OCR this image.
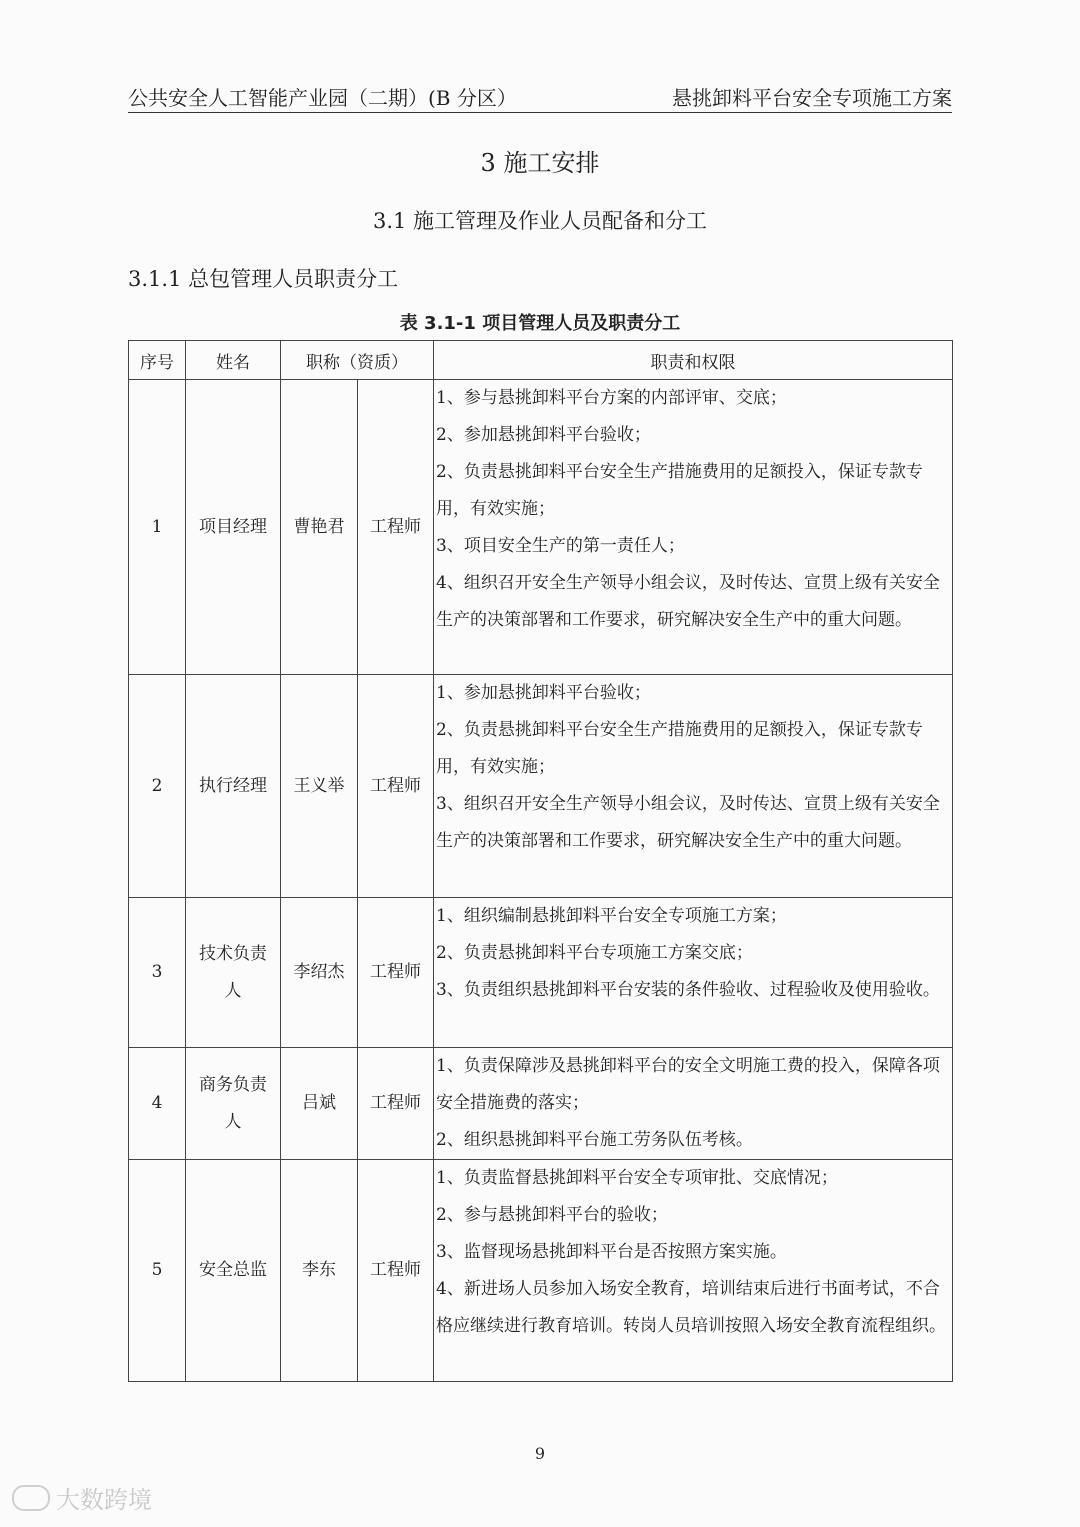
公共安全人工智能产业园（二期）(B 分区）	悬挑卸料平台安全专项施工方案
3 施工安排
3.1 施工管理及作业人员配备和分工
3.1.1 总包管理人员职责分工
表 3.1-1 项目管理人员及职责分工
序号	姓名	职称（资质）		职责和权限
1	项目经理	曹艳君	工程师	1、参与悬挑卸料平台方案的内部评审、交底；
2、参加悬挑卸料平台验收；
2、负责悬挑卸料平台安全生产措施费用的足额投入，保证专款专用，有效实施；
3、项目安全生产的第一责任人；
4、组织召开安全生产领导小组会议，及时传达、宣贯上级有关安全生产的决策部署和工作要求，研究解决安全生产中的重大问题。

2	执行经理	王义举	工程师	1、参加悬挑卸料平台验收；
2、负责悬挑卸料平台安全生产措施费用的足额投入，保证专款专用，有效实施；
3、组织召开安全生产领导小组会议，及时传达、宣贯上级有关安全生产的决策部署和工作要求，研究解决安全生产中的重大问题。

3	技术负责人	李绍杰	工程师	1、组织编制悬挑卸料平台安全专项施工方案；
2、负责悬挑卸料平台专项施工方案交底；
3、负责组织悬挑卸料平台安装的条件验收、过程验收及使用验收。

4	商务负责人	吕斌	工程师	1、负责保障涉及悬挑卸料平台的安全文明施工费的投入，保障各项安全措施费的落实；
2、组织悬挑卸料平台施工劳务队伍考核。

5	安全总监	李东	工程师	1、负责监督悬挑卸料平台安全专项审批、交底情况；
2、参与悬挑卸料平台的验收；
3、监督现场悬挑卸料平台是否按照方案实施。
4、新进场人员参加入场安全教育，培训结束后进行书面考试，不合格应继续进行教育培训。转岗人员培训按照入场安全教育流程组织。
9
大数跨境
